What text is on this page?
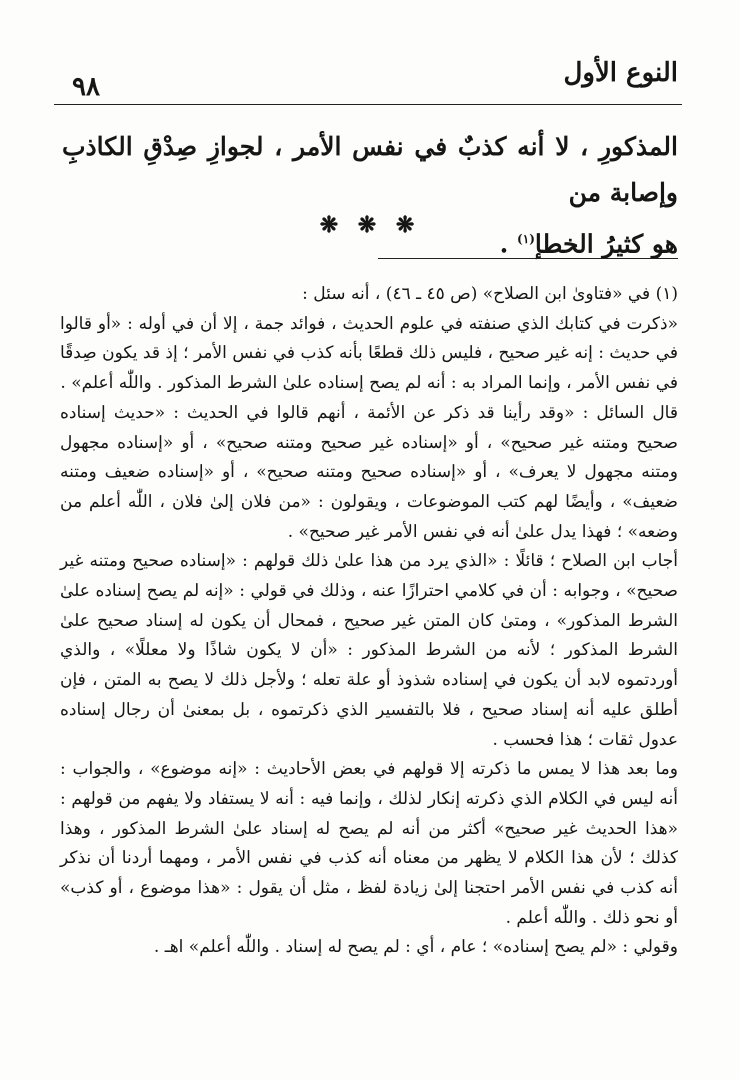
٩٨	النوع الأول

المذكورِ ، لا أنه كذبٌ في نفس الأمر ، لجوازِ صِدْقِ الكاذبِ وإصابة من

هو كثيرُ الخطإ$^{(١)}$ .

❋ ❋ ❋

(١) في «فتاوىٰ ابن الصلاح» (ص ٤٥ ـ ٤٦) ، أنه سئل :

«ذكرت في كتابك الذي صنفته في علوم الحديث ، فوائد جمة ، إلا أن في أوله : «أو قالوا في حديث : إنه غير صحيح ، فليس ذلك قطعًا بأنه كذب في نفس الأمر ؛ إذ قد يكون صِدقًا في نفس الأمر ، وإنما المراد به : أنه لم يصح إسناده علىٰ الشرط المذكور . واللّٰه أعلم» .

قال السائل : «وقد رأينا قد ذكر عن الأئمة ، أنهم قالوا في الحديث : «حديث إسناده صحيح ومتنه غير صحيح» ، أو «إسناده غير صحيح ومتنه صحيح» ، أو «إسناده مجهول ومتنه مجهول لا يعرف» ، أو «إسناده صحيح ومتنه صحيح» ، أو «إسناده ضعيف ومتنه ضعيف» ، وأيضًا لهم كتب الموضوعات ، ويقولون : «من فلان إلىٰ فلان ، اللّٰه أعلم من وضعه» ؛ فهذا يدل علىٰ أنه في نفس الأمر غير صحيح» .

أجاب ابن الصلاح ؛ قائلًا : «الذي يرد من هذا علىٰ ذلك قولهم : «إسناده صحيح ومتنه غير صحيح» ، وجوابه : أن في كلامي احترازًا عنه ، وذلك في قولي : «إنه لم يصح إسناده علىٰ الشرط المذكور» ، ومتىٰ كان المتن غير صحيح ، فمحال أن يكون له إسناد صحيح علىٰ الشرط المذكور ؛ لأنه من الشرط المذكور : «أن لا يكون شاذًا ولا معللًا» ، والذي أوردتموه لابد أن يكون في إسناده شذوذ أو علة تعله ؛ ولأجل ذلك لا يصح به المتن ، فإن أطلق عليه أنه إسناد صحيح ، فلا بالتفسير الذي ذكرتموه ، بل بمعنىٰ أن رجال إسناده عدول ثقات ؛ هذا فحسب .

وما بعد هذا لا يمس ما ذكرته إلا قولهم في بعض الأحاديث : «إنه موضوع» ، والجواب : أنه ليس في الكلام الذي ذكرته إنكار لذلك ، وإنما فيه : أنه لا يستفاد ولا يفهم من قولهم : «هذا الحديث غير صحيح» أكثر من أنه لم يصح له إسناد علىٰ الشرط المذكور ، وهذا كذلك ؛ لأن هذا الكلام لا يظهر من معناه أنه كذب في نفس الأمر ، ومهما أردنا أن نذكر أنه كذب في نفس الأمر احتجنا إلىٰ زيادة لفظ ، مثل أن يقول : «هذا موضوع ، أو كذب» أو نحو ذلك . واللّٰه أعلم .

وقولي : «لم يصح إسناده» ؛ عام ، أي : لم يصح له إسناد . واللّٰه أعلم» اهـ .
